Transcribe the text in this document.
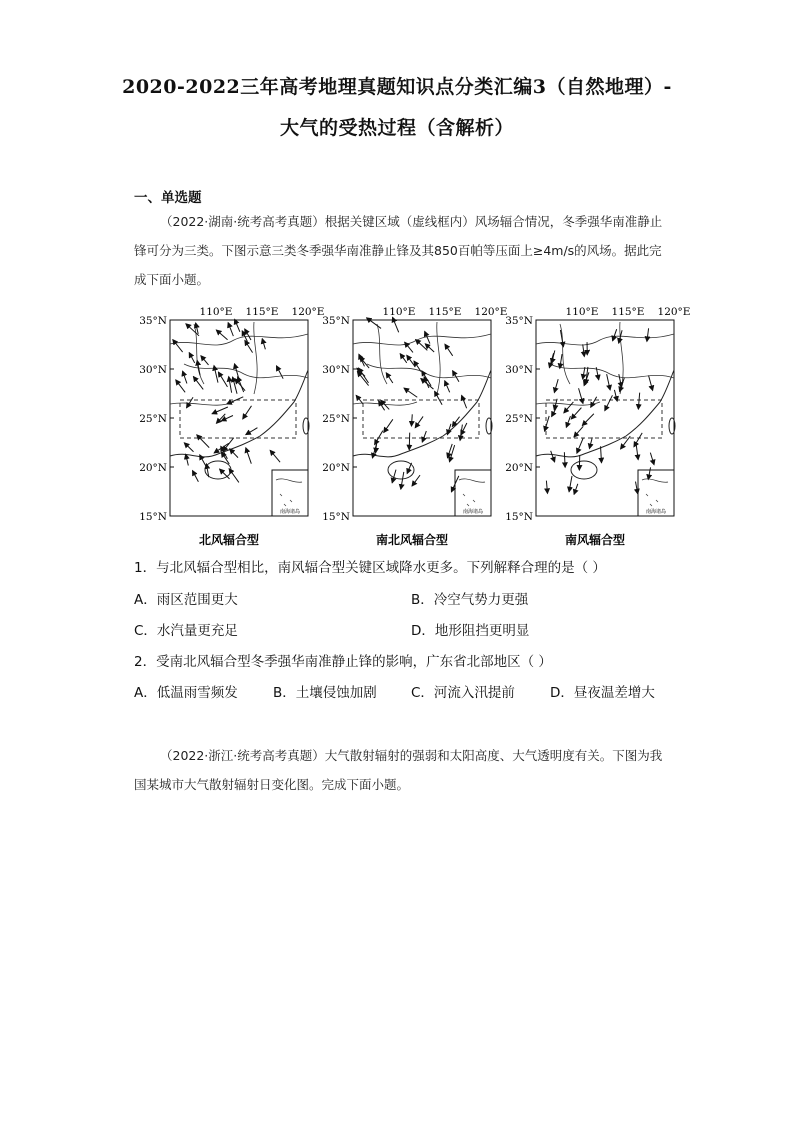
2020-2022三年高考地理真题知识点分类汇编3（自然地理）-
大气的受热过程（含解析）
一、单选题
（2022·湖南·统考高考真题）根据关键区域（虚线框内）风场辐合情况，冬季强华南准静止锋可分为三类。下图示意三类冬季强华南准静止锋及其850百帕等压面上≥4m/s的风场。据此完成下面小题。
35°N
30°N
25°N
20°N
15°N
110°E 115°E 120°E
南海诸岛
北风辐合型
35°N
30°N
25°N
20°N
15°N
110°E 115°E 120°E
南海诸岛
南北风辐合型
35°N
30°N
25°N
20°N
15°N
110°E 115°E 120°E
南海诸岛
南风辐合型
1．与北风辐合型相比，南风辐合型关键区域降水更多。下列解释合理的是（ ）
A．雨区范围更大	B．冷空气势力更强
C．水汽量更充足	D．地形阻挡更明显
2．受南北风辐合型冬季强华南准静止锋的影响，广东省北部地区（ ）
A．低温雨雪频发	B．土壤侵蚀加剧	C．河流入汛提前	D．昼夜温差增大
（2022·浙江·统考高考真题）大气散射辐射的强弱和太阳高度、大气透明度有关。下图为我国某城市大气散射辐射日变化图。完成下面小题。
